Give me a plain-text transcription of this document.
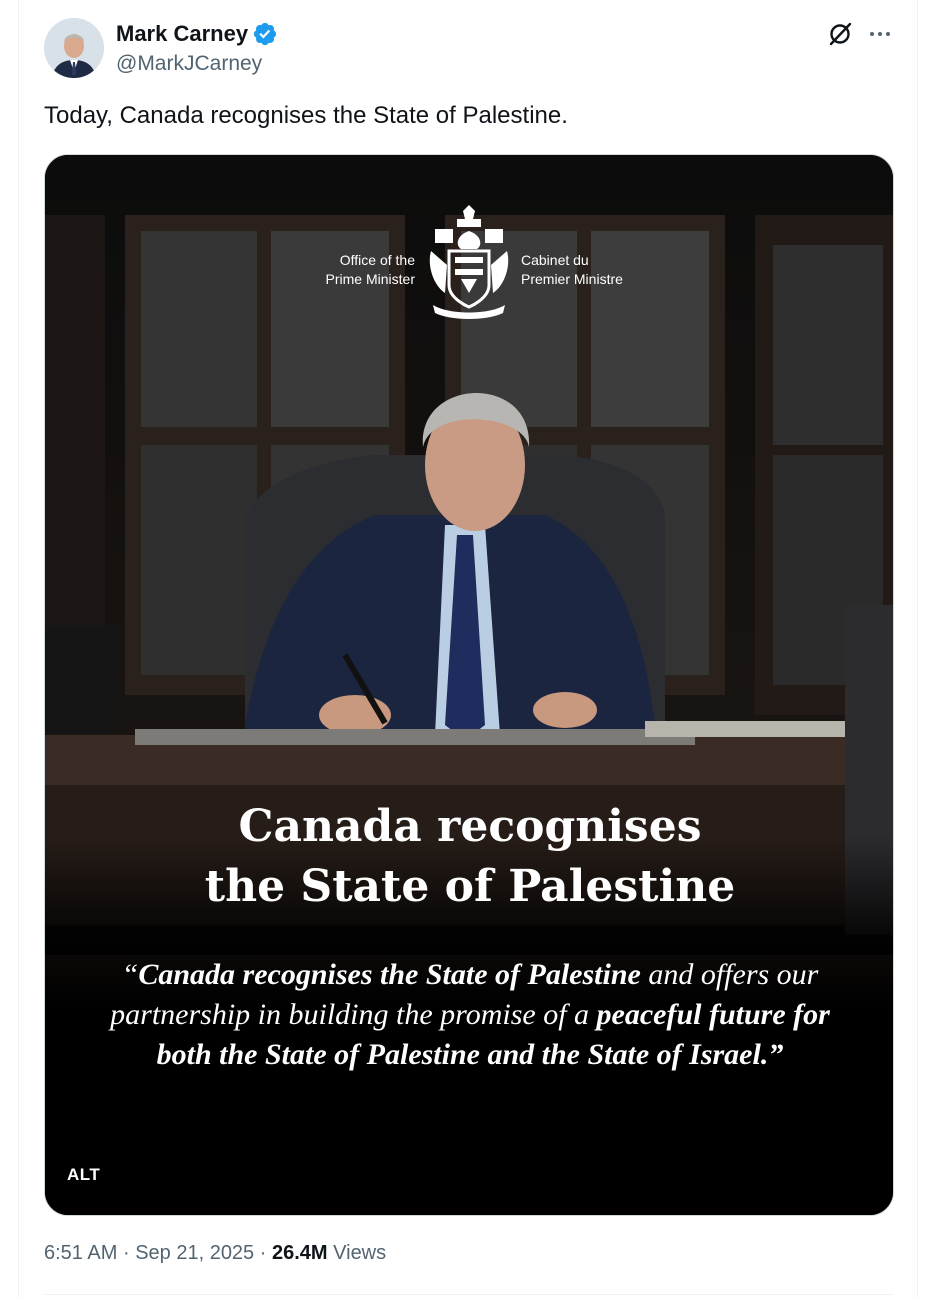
Mark Carney
@MarkJCarney
Today, Canada recognises the State of Palestine.
Office of the
Prime Minister
Cabinet du
Premier Ministre
Canada recognises
the State of Palestine
“Canada recognises the State of Palestine and offers our partnership in building the promise of a peaceful future for both the State of Palestine and the State of Israel.”
ALT
6:51 AM · Sep 21, 2025 · 26.4M Views
